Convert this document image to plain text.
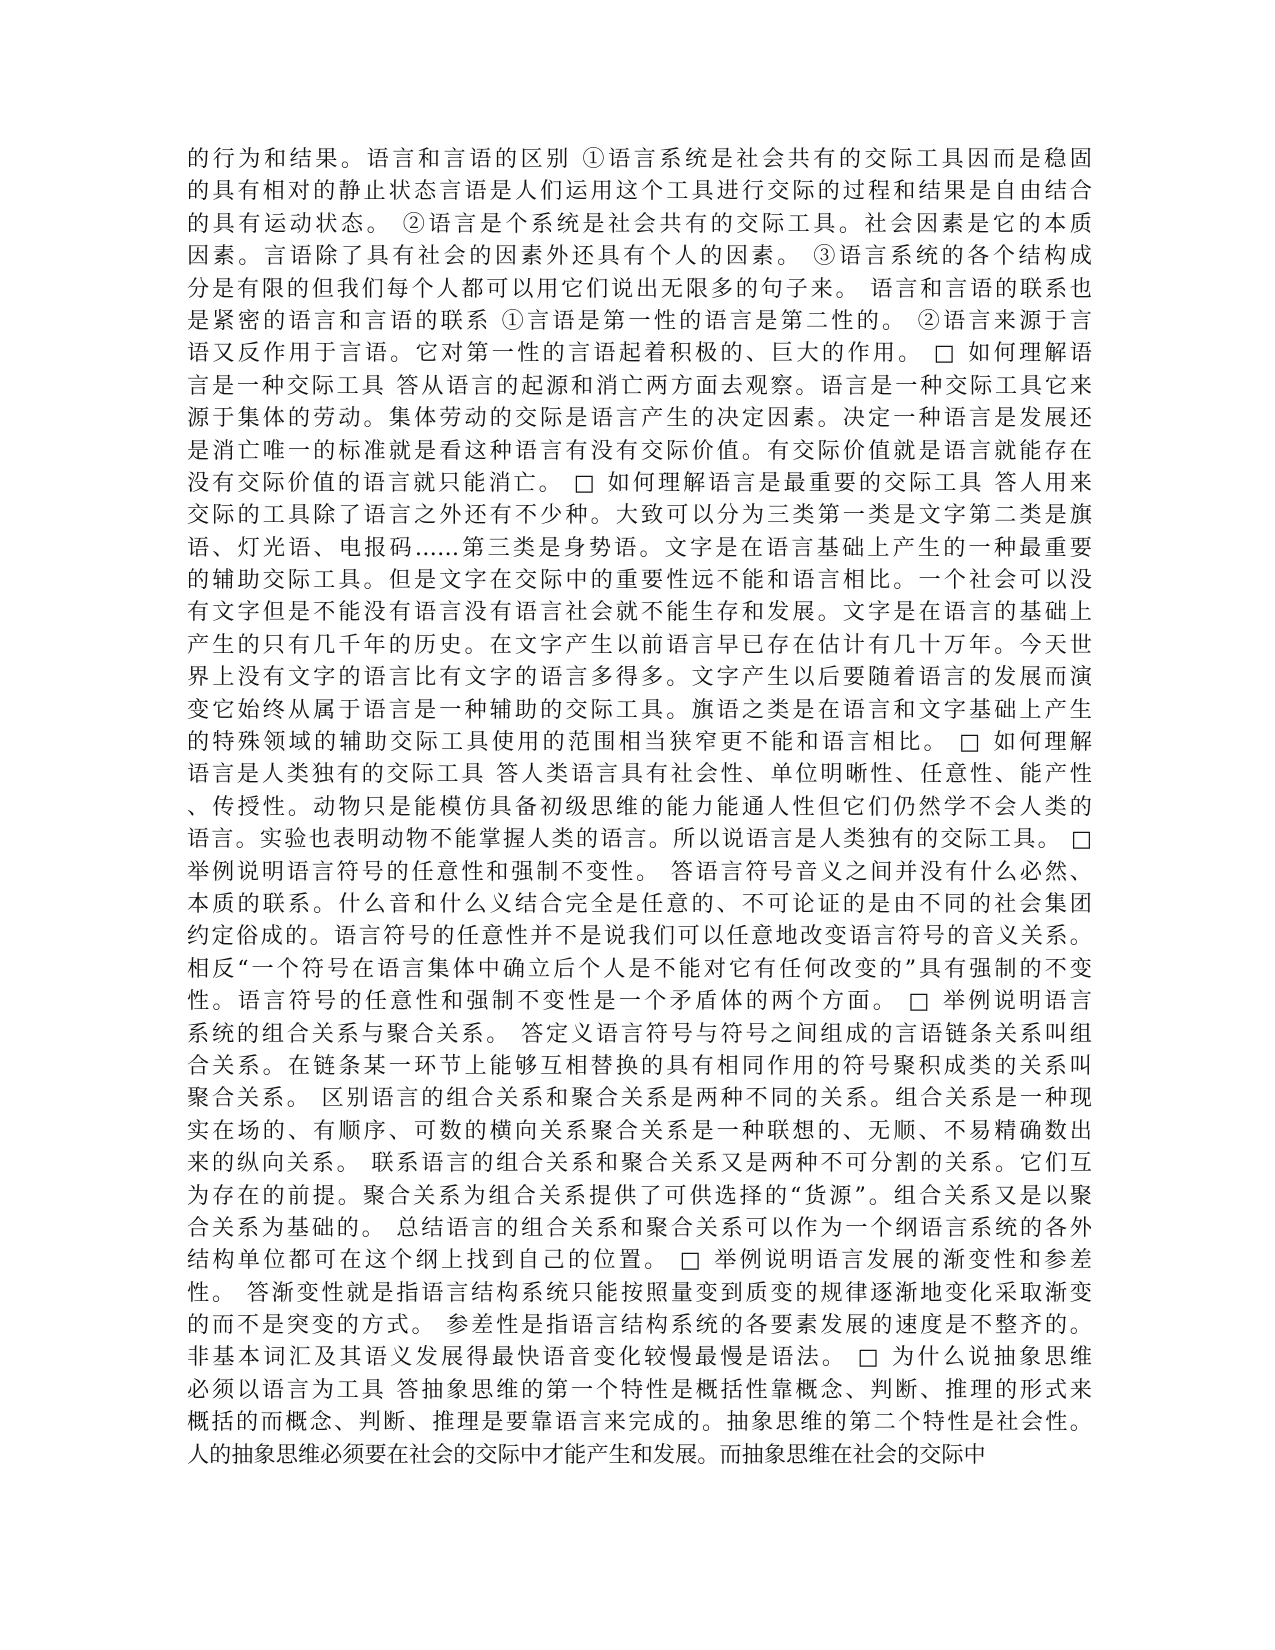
的行为和结果。语言和言语的区别 ①语言系统是社会共有的交际工具因而是稳固
的具有相对的静止状态言语是人们运用这个工具进行交际的过程和结果是自由结合
的具有运动状态。 ②语言是个系统是社会共有的交际工具。社会因素是它的本质
因素。言语除了具有社会的因素外还具有个人的因素。 ③语言系统的各个结构成
分是有限的但我们每个人都可以用它们说出无限多的句子来。 语言和言语的联系也
是紧密的语言和言语的联系 ①言语是第一性的语言是第二性的。 ②语言来源于言
语又反作用于言语。它对第一性的言语起着积极的、巨大的作用。 □ 如何理解语
言是一种交际工具 答从语言的起源和消亡两方面去观察。语言是一种交际工具它来
源于集体的劳动。集体劳动的交际是语言产生的决定因素。决定一种语言是发展还
是消亡唯一的标准就是看这种语言有没有交际价值。有交际价值就是语言就能存在
没有交际价值的语言就只能消亡。 □ 如何理解语言是最重要的交际工具 答人用来
交际的工具除了语言之外还有不少种。大致可以分为三类第一类是文字第二类是旗
语、灯光语、电报码……第三类是身势语。文字是在语言基础上产生的一种最重要
的辅助交际工具。但是文字在交际中的重要性远不能和语言相比。一个社会可以没
有文字但是不能没有语言没有语言社会就不能生存和发展。文字是在语言的基础上
产生的只有几千年的历史。在文字产生以前语言早已存在估计有几十万年。今天世
界上没有文字的语言比有文字的语言多得多。文字产生以后要随着语言的发展而演
变它始终从属于语言是一种辅助的交际工具。旗语之类是在语言和文字基础上产生
的特殊领域的辅助交际工具使用的范围相当狭窄更不能和语言相比。 □ 如何理解
语言是人类独有的交际工具 答人类语言具有社会性、单位明晰性、任意性、能产性
、传授性。动物只是能模仿具备初级思维的能力能通人性但它们仍然学不会人类的
语言。实验也表明动物不能掌握人类的语言。所以说语言是人类独有的交际工具。 □
举例说明语言符号的任意性和强制不变性。 答语言符号音义之间并没有什么必然、
本质的联系。什么音和什么义结合完全是任意的、不可论证的是由不同的社会集团
约定俗成的。语言符号的任意性并不是说我们可以任意地改变语言符号的音义关系。
相反“一个符号在语言集体中确立后个人是不能对它有任何改变的”具有强制的不变
性。语言符号的任意性和强制不变性是一个矛盾体的两个方面。 □ 举例说明语言
系统的组合关系与聚合关系。 答定义语言符号与符号之间组成的言语链条关系叫组
合关系。在链条某一环节上能够互相替换的具有相同作用的符号聚积成类的关系叫
聚合关系。 区别语言的组合关系和聚合关系是两种不同的关系。组合关系是一种现
实在场的、有顺序、可数的横向关系聚合关系是一种联想的、无顺、不易精确数出
来的纵向关系。 联系语言的组合关系和聚合关系又是两种不可分割的关系。它们互
为存在的前提。聚合关系为组合关系提供了可供选择的“货源”。组合关系又是以聚
合关系为基础的。 总结语言的组合关系和聚合关系可以作为一个纲语言系统的各外
结构单位都可在这个纲上找到自己的位置。 □ 举例说明语言发展的渐变性和参差
性。 答渐变性就是指语言结构系统只能按照量变到质变的规律逐渐地变化采取渐变
的而不是突变的方式。 参差性是指语言结构系统的各要素发展的速度是不整齐的。
非基本词汇及其语义发展得最快语音变化较慢最慢是语法。 □ 为什么说抽象思维
必须以语言为工具 答抽象思维的第一个特性是概括性靠概念、判断、推理的形式来
概括的而概念、判断、推理是要靠语言来完成的。抽象思维的第二个特性是社会性。
人的抽象思维必须要在社会的交际中才能产生和发展。而抽象思维在社会的交际中
